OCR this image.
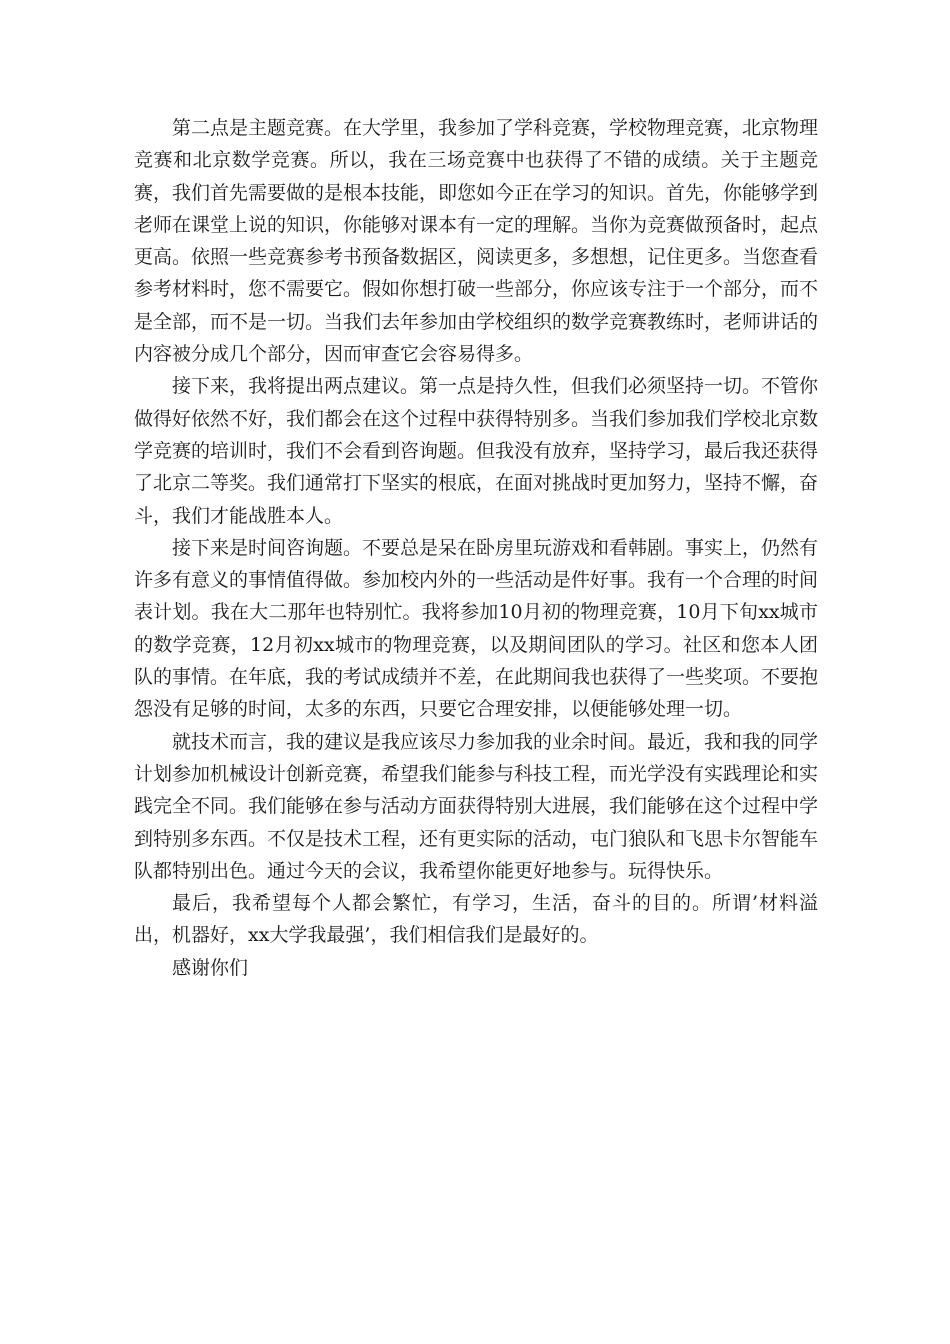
第二点是主题竞赛。在大学里，我参加了学科竞赛，学校物理竞赛，北京物理竞赛和北京数学竞赛。所以，我在三场竞赛中也获得了不错的成绩。关于主题竞赛，我们首先需要做的是根本技能，即您如今正在学习的知识。首先，你能够学到老师在课堂上说的知识，你能够对课本有一定的理解。当你为竞赛做预备时，起点更高。依照一些竞赛参考书预备数据区，阅读更多，多想想，记住更多。当您查看参考材料时，您不需要它。假如你想打破一些部分，你应该专注于一个部分，而不是全部，而不是一切。当我们去年参加由学校组织的数学竞赛教练时，老师讲话的内容被分成几个部分，因而审查它会容易得多。

接下来，我将提出两点建议。第一点是持久性，但我们必须坚持一切。不管你做得好依然不好，我们都会在这个过程中获得特别多。当我们参加我们学校北京数学竞赛的培训时，我们不会看到咨询题。但我没有放弃，坚持学习，最后我还获得了北京二等奖。我们通常打下坚实的根底，在面对挑战时更加努力，坚持不懈，奋斗，我们才能战胜本人。

接下来是时间咨询题。不要总是呆在卧房里玩游戏和看韩剧。事实上，仍然有许多有意义的事情值得做。参加校内外的一些活动是件好事。我有一个合理的时间表计划。我在大二那年也特别忙。我将参加10月初的物理竞赛，10月下旬xx城市的数学竞赛，12月初xx城市的物理竞赛，以及期间团队的学习。社区和您本人团队的事情。在年底，我的考试成绩并不差，在此期间我也获得了一些奖项。不要抱怨没有足够的时间，太多的东西，只要它合理安排，以便能够处理一切。

就技术而言，我的建议是我应该尽力参加我的业余时间。最近，我和我的同学计划参加机械设计创新竞赛，希望我们能参与科技工程，而光学没有实践理论和实践完全不同。我们能够在参与活动方面获得特别大进展，我们能够在这个过程中学到特别多东西。不仅是技术工程，还有更实际的活动，屯门狼队和飞思卡尔智能车队都特别出色。通过今天的会议，我希望你能更好地参与。玩得快乐。

最后，我希望每个人都会繁忙，有学习，生活，奋斗的目的。所谓’材料溢出，机器好，xx大学我最强’，我们相信我们是最好的。

感谢你们
